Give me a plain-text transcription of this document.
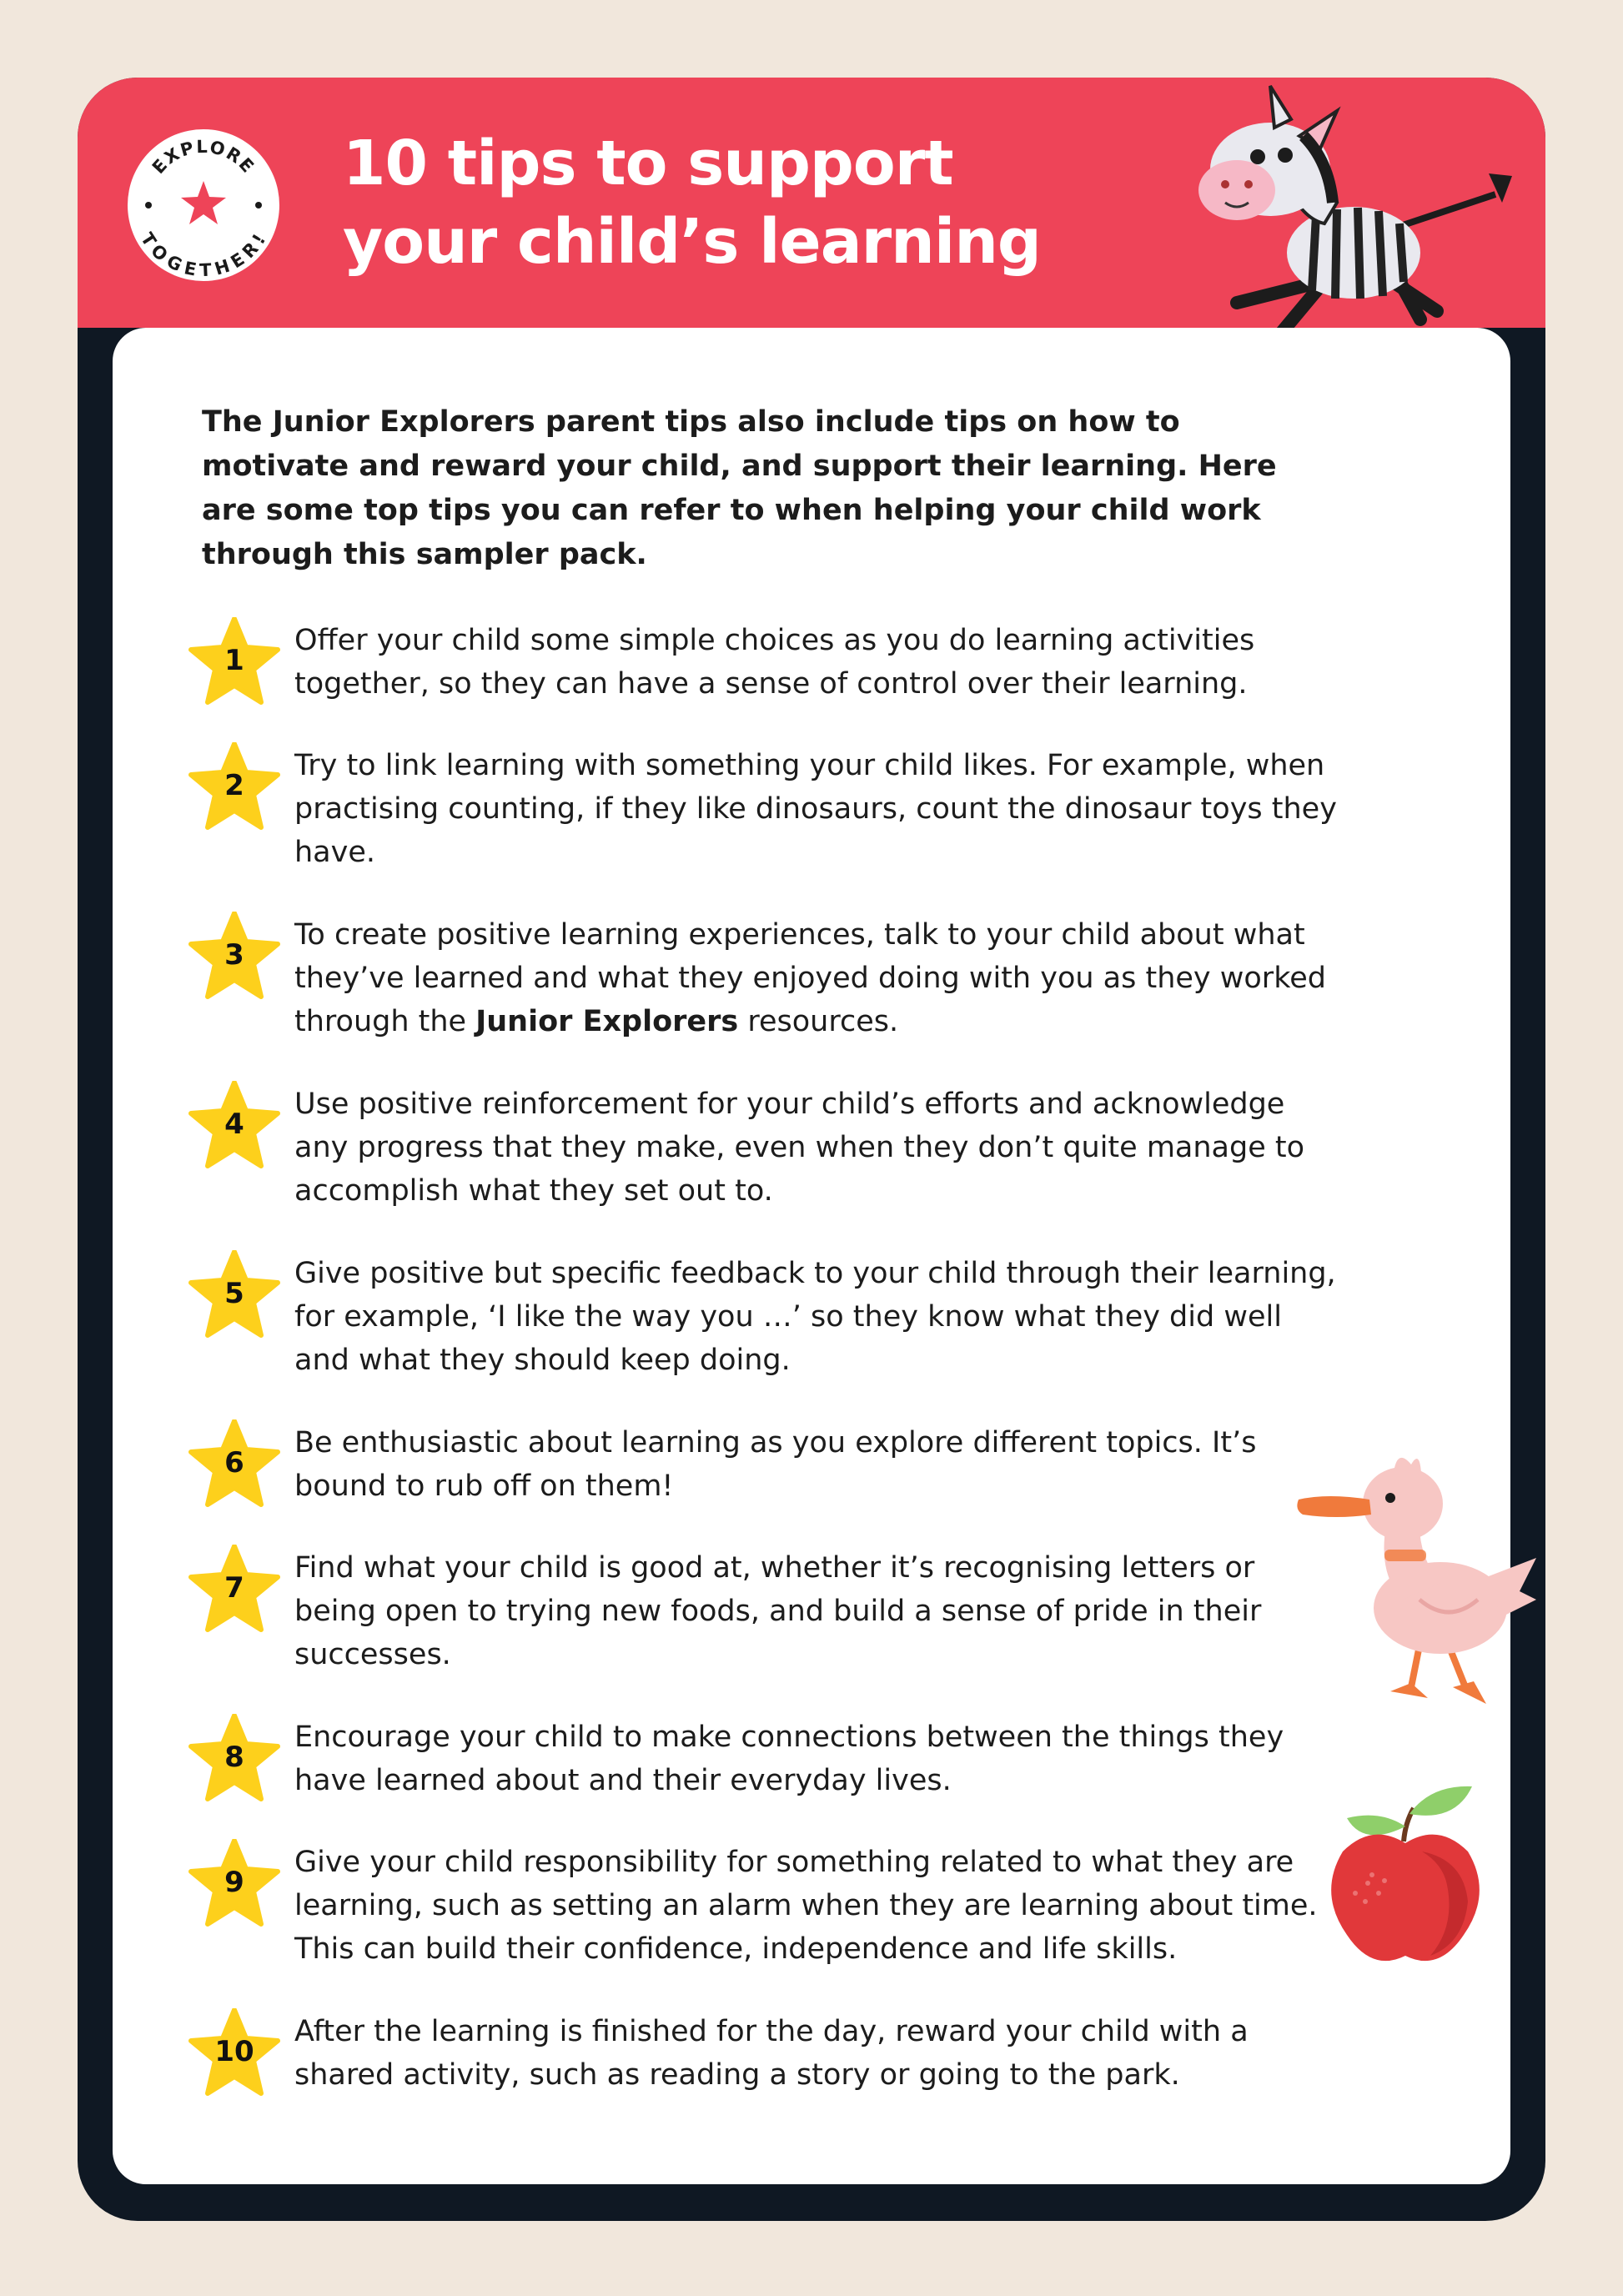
EXPLORE
TOGETHER!
10 tips to support
your child’s learning

The Junior Explorers parent tips also include tips on how to motivate and reward your child, and support their learning. Here are some top tips you can refer to when helping your child work through this sampler pack.

1

Offer your child some simple choices as you do learning activities together, so they can have a sense of control over their learning.

2

Try to link learning with something your child likes. For example, when practising counting, if they like dinosaurs, count the dinosaur toys they have.

3

To create positive learning experiences, talk to your child about what they’ve learned and what they enjoyed doing with you as they worked through the Junior Explorers resources.

4

Use positive reinforcement for your child’s efforts and acknowledge any progress that they make, even when they don’t quite manage to accomplish what they set out to.

5

Give positive but specific feedback to your child through their learning, for example, ‘I like the way you …’ so they know what they did well and what they should keep doing.

6

Be enthusiastic about learning as you explore different topics. It’s bound to rub off on them!

7

Find what your child is good at, whether it’s recognising letters or being open to trying new foods, and build a sense of pride in their successes.

8

Encourage your child to make connections between the things they have learned about and their everyday lives.

9

Give your child responsibility for something related to what they are learning, such as setting an alarm when they are learning about time. This can build their confidence, independence and life skills.

10

After the learning is finished for the day, reward your child with a shared activity, such as reading a story or going to the park.
